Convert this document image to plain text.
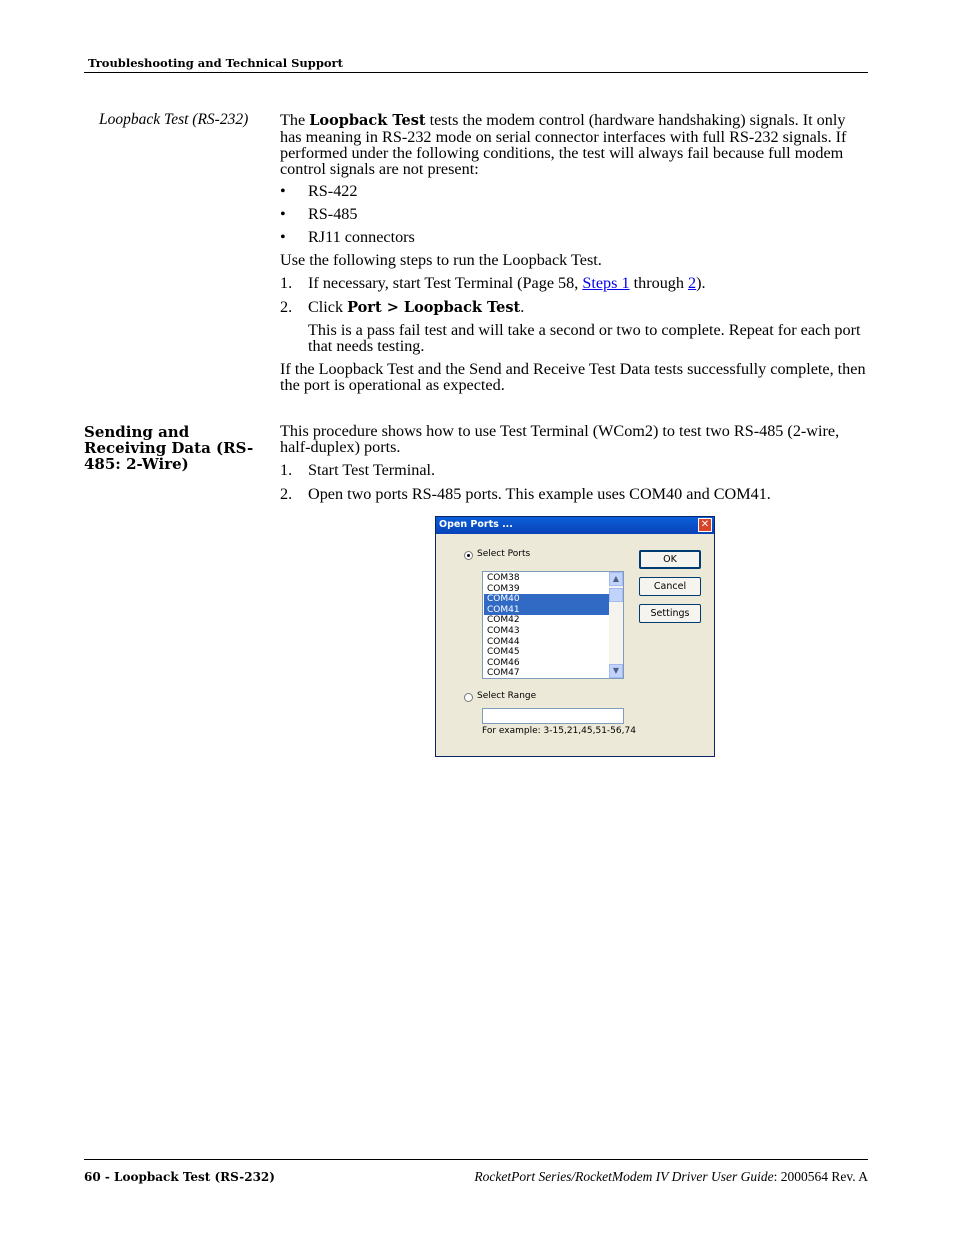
Troubleshooting and Technical Support
Loopback Test (RS-232) The Loopback Test tests the modem control (hardware handshaking) signals. It only has meaning in RS-232 mode on serial connector interfaces with full RS-232 signals. If performed under the following conditions, the test will always fail because full modem control signals are not present:

• RS-422
• RS-485
• RJ11 connectors
Use the following steps to run the Loopback Test.
1. If necessary, start Test Terminal (Page 58, Steps 1 through 2).
2. Click Port > Loopback Test.
This is a pass fail test and will take a second or two to complete. Repeat for each port that needs testing.
If the Loopback Test and the Send and Receive Test Data tests successfully complete, then the port is operational as expected.
Sending and Receiving Data (RS-485: 2-Wire)
This procedure shows how to use Test Terminal (WCom2) to test two RS-485 (2-wire, half-duplex) ports.
1. Start Test Terminal.
2. Open two ports RS-485 ports. This example uses COM40 and COM41.
Open Ports ...	✕
Select Ports
COM38
COM39
COM40
COM41
COM42
COM43
COM44
COM45
COM46
COM47
▲
▼
Select Range
For example: 3-15,21,45,51-56,74
OK
Cancel
Settings
60 - Loopback Test (RS-232)	RocketPort Series/RocketModem IV Driver User Guide: 2000564 Rev. A
